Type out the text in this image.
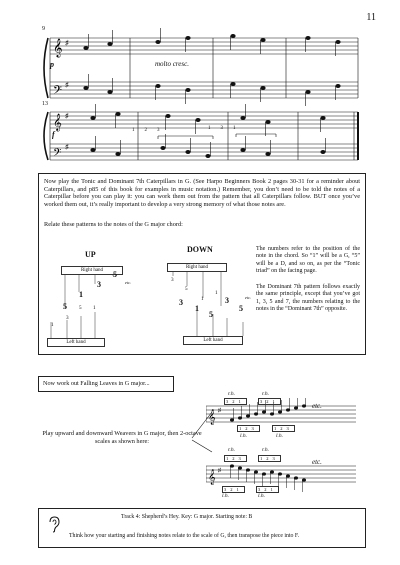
11
𝄞
𝄢
♯
♯
9
p	molto cresc.
𝄞
𝄢
♯
♯
13
f	123	131

Now play the Tonic and Dominant 7th Caterpillars in G. (See Harpo Beginners Book 2 pages 30-31 for a reminder about Caterpillars, and p85 of this book for examples in music notation.) Remember, you don’t need to be told the notes of a Caterpillar before you can play it: you can work them out from the pattern that all Caterpillars follow. BUT once you’ve worked them out, it’s really important to develop a very strong memory of what those notes are.

Relate these patterns to the notes of the G major chord:

UP
Right hand
Left hand
5
3
1
5	1
5
3
1
etc.
DOWN
Right hand
Left hand
3
5
1
3
1
5
3
5
1
etc.

The numbers refer to the position of the note in the chord. So “1” will be a G, “5” will be a D, and so on, as per the “Tonic triad” on the facing page.

The Dominant 7th pattern follows exactly the same principle, except that you’ve got 1, 3, 5 and 7, the numbers relating to the notes in the “Dominant 7th” opposite.

Now work out Falling Leaves in G major...

Play upward and downward Weavers in G major, then 2-octave scales as shown here:

𝄞 ♯
r.h.	r.h.
321	321
123	123
l.h.	l.h.
etc.
𝄞 ♯
r.h.	r.h.
123	123
321	321
l.h.	l.h.
etc.
Track 4: Shepherd’s Hey. Key: G major. Starting note: B
Think how your starting and finishing notes relate to the scale of G, then transpose the piece into F.
